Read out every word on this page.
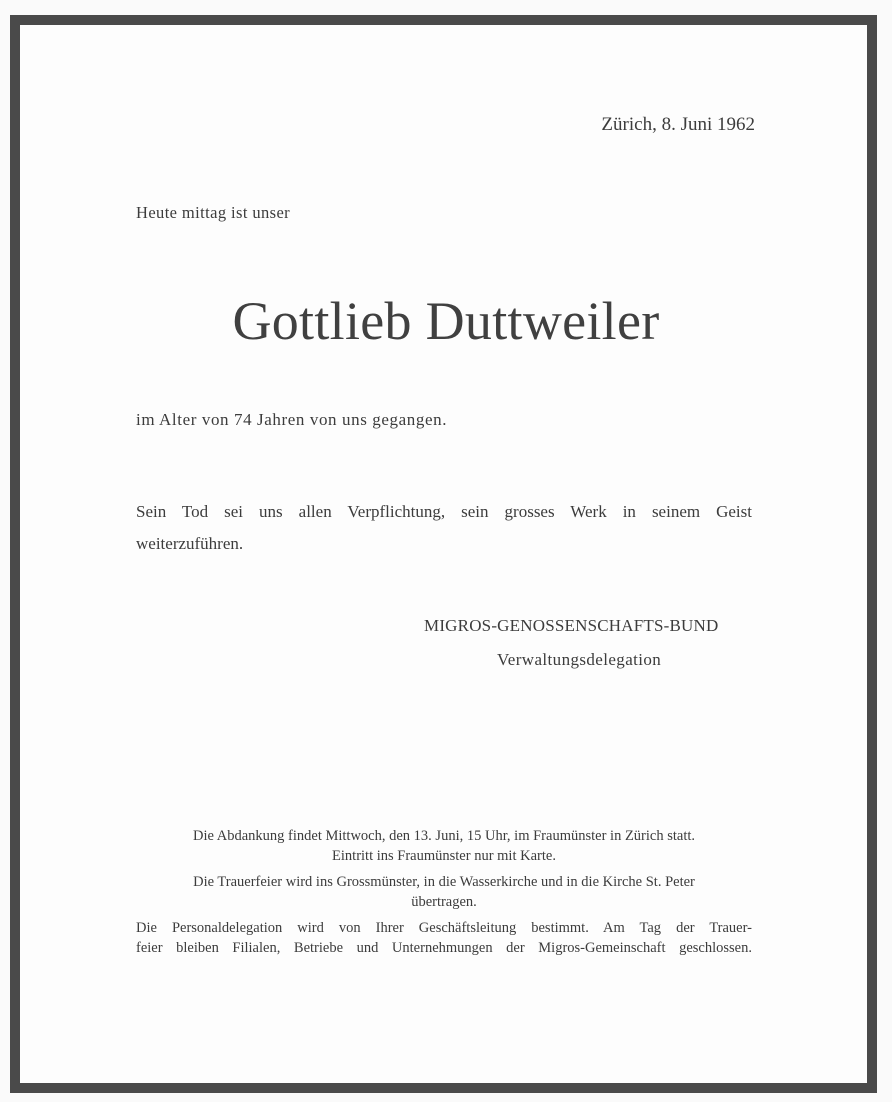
Zürich, 8. Juni 1962
Heute mittag ist unser
Gottlieb Duttweiler
im Alter von 74 Jahren von uns gegangen.
Sein Tod sei uns allen Verpflichtung, sein grosses Werk in seinem Geist weiterzuführen.
MIGROS-GENOSSENSCHAFTS-BUND
Verwaltungsdelegation

Die Abdankung findet Mittwoch, den 13. Juni, 15 Uhr, im Fraumünster in Zürich statt.
Eintritt ins Fraumünster nur mit Karte.

Die Trauerfeier wird ins Grossmünster, in die Wasserkirche und in die Kirche St. Peter
übertragen.

Die Personaldelegation wird von Ihrer Geschäftsleitung bestimmt. Am Tag der Trauer-
feier bleiben Filialen, Betriebe und Unternehmungen der Migros-Gemeinschaft geschlossen.
